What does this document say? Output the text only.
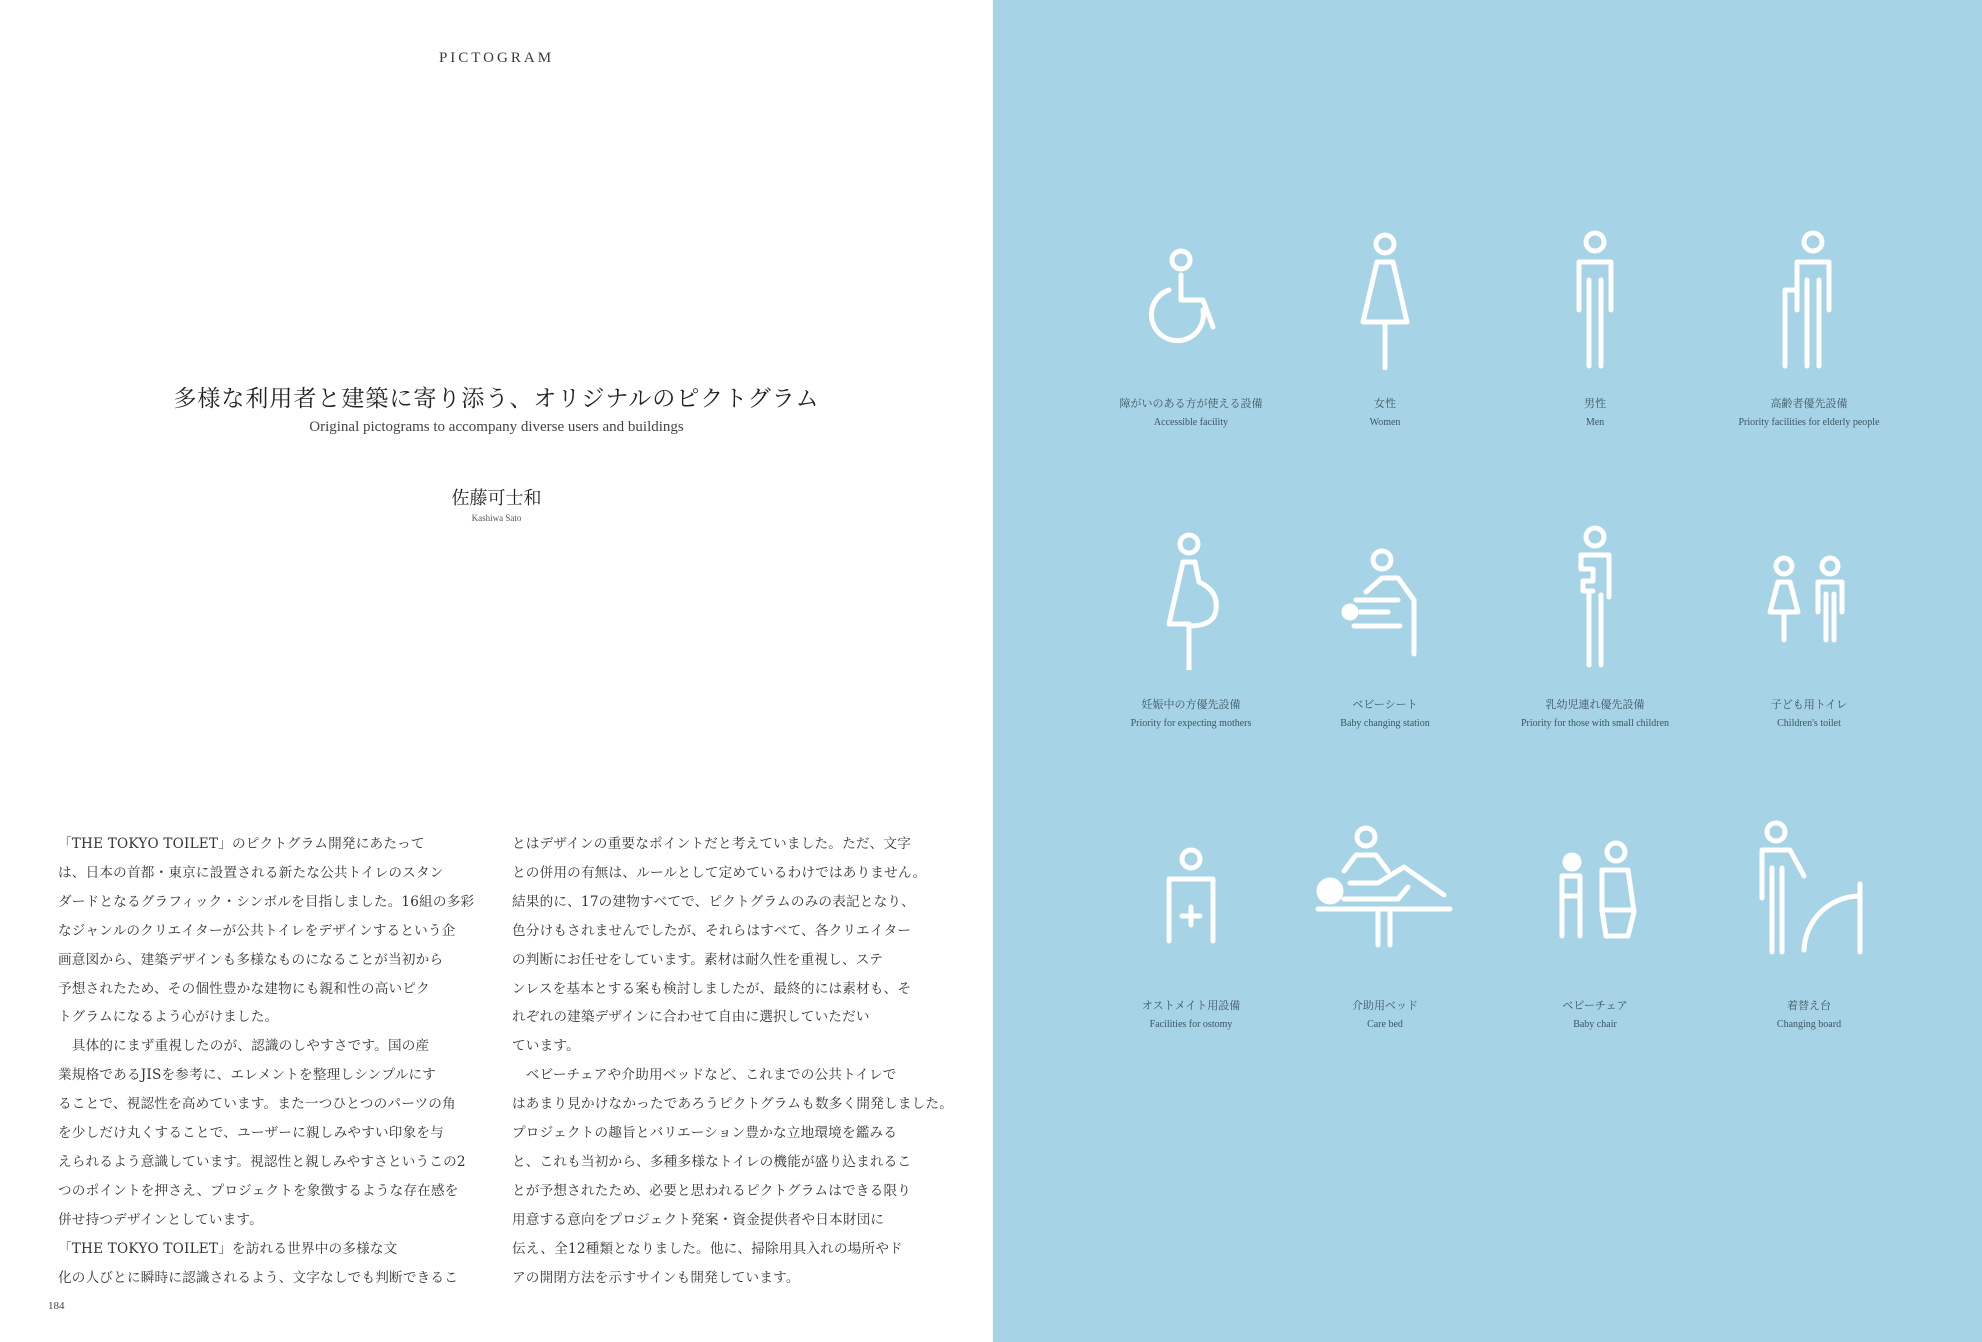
PICTOGRAM
多様な利用者と建築に寄り添う、オリジナルのピクトグラム
Original pictograms to accompany diverse users and buildings
佐藤可士和
Kashiwa Sato

「THE TOKYO TOILET」のピクトグラム開発にあたって

は、日本の首都・東京に設置される新たな公共トイレのスタン

ダードとなるグラフィック・シンボルを目指しました。16組の多彩

なジャンルのクリエイターが公共トイレをデザインするという企

画意図から、建築デザインも多様なものになることが当初から

予想されたため、その個性豊かな建物にも親和性の高いピク

トグラムになるよう心がけました。

　具体的にまず重視したのが、認識のしやすさです。国の産

業規格であるJISを参考に、エレメントを整理しシンプルにす

ることで、視認性を高めています。また一つひとつのパーツの角

を少しだけ丸くすることで、ユーザーに親しみやすい印象を与

えられるよう意識しています。視認性と親しみやすさというこの2

つのポイントを押さえ、プロジェクトを象徴するような存在感を

併せ持つデザインとしています。

「THE TOKYO TOILET」を訪れる世界中の多様な文

化の人びとに瞬時に認識されるよう、文字なしでも判断できるこ

とはデザインの重要なポイントだと考えていました。ただ、文字

との併用の有無は、ルールとして定めているわけではありません。

結果的に、17の建物すべてで、ピクトグラムのみの表記となり、

色分けもされませんでしたが、それらはすべて、各クリエイター

の判断にお任せをしています。素材は耐久性を重視し、ステ

ンレスを基本とする案も検討しましたが、最終的には素材も、そ

れぞれの建築デザインに合わせて自由に選択していただい

ています。

　ベビーチェアや介助用ベッドなど、これまでの公共トイレで

はあまり見かけなかったであろうピクトグラムも数多く開発しました。

プロジェクトの趣旨とバリエーション豊かな立地環境を鑑みる

と、これも当初から、多種多様なトイレの機能が盛り込まれるこ

とが予想されたため、必要と思われるピクトグラムはできる限り

用意する意向をプロジェクト発案・資金提供者や日本財団に

伝え、全12種類となりました。他に、掃除用具入れの場所やド

アの開閉方法を示すサインも開発しています。

184
障がいのある方が使える設備
Accessible facility
女性
Women
男性
Men
高齢者優先設備
Priority facilities for elderly people
妊娠中の方優先設備
Priority for expecting mothers
ベビーシート
Baby changing station
乳幼児連れ優先設備
Priority for those with small children
子ども用トイレ
Children's toilet
オストメイト用設備
Facilities for ostomy
介助用ベッド
Care bed
ベビーチェア
Baby chair
着替え台
Changing board
